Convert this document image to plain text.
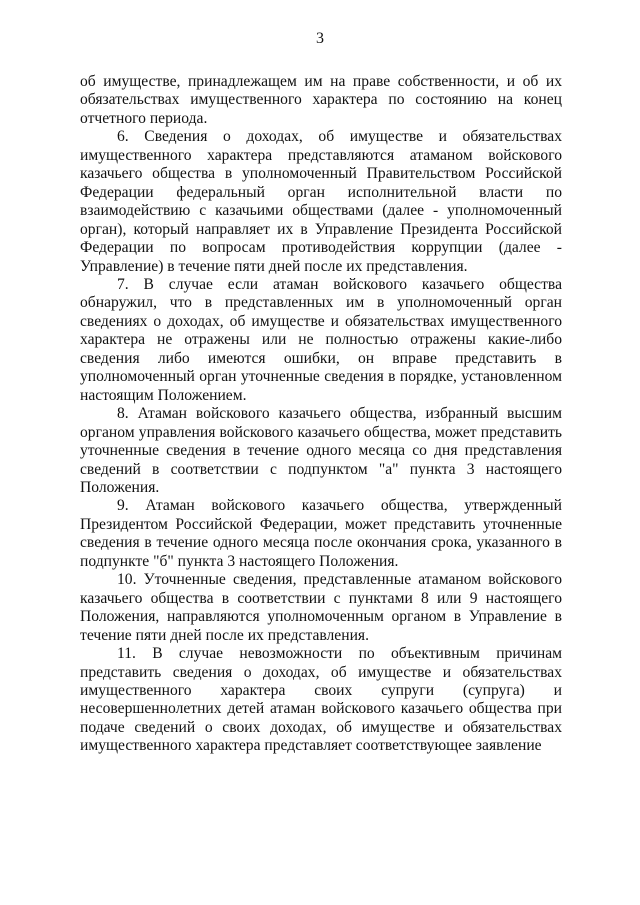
3

об имуществе, принадлежащем им на праве собственности, и об их обязательствах имущественного характера по состоянию на конец отчетного периода.

6. Сведения о доходах, об имуществе и обязательствах имущественного характера представляются атаманом войскового казачьего общества в уполномоченный Правительством Российской Федерации федеральный орган исполнительной власти по взаимодействию с казачьими обществами (далее - уполномоченный орган), который направляет их в Управление Президента Российской Федерации по вопросам противодействия коррупции (далее - Управление) в течение пяти дней после их представления.

7. В случае если атаман войскового казачьего общества обнаружил, что в представленных им в уполномоченный орган сведениях о доходах, об имуществе и обязательствах имущественного характера не отражены или не полностью отражены какие-либо сведения либо имеются ошибки, он вправе представить в уполномоченный орган уточненные сведения в порядке, установленном настоящим Положением.

8. Атаман войскового казачьего общества, избранный высшим органом управления войскового казачьего общества, может представить уточненные сведения в течение одного месяца со дня представления сведений в соответствии с подпунктом "а" пункта 3 настоящего Положения.

9. Атаман войскового казачьего общества, утвержденный Президентом Российской Федерации, может представить уточненные сведения в течение одного месяца после окончания срока, указанного в подпункте "б" пункта 3 настоящего Положения.

10. Уточненные сведения, представленные атаманом войскового казачьего общества в соответствии с пунктами 8 или 9 настоящего Положения, направляются уполномоченным органом в Управление в течение пяти дней после их представления.

11. В случае невозможности по объективным причинам представить сведения о доходах, об имуществе и обязательствах имущественного характера своих супруги (супруга) и несовершеннолетних детей атаман войскового казачьего общества при подаче сведений о своих доходах, об имуществе и обязательствах имущественного характера представляет соответствующее заявление
